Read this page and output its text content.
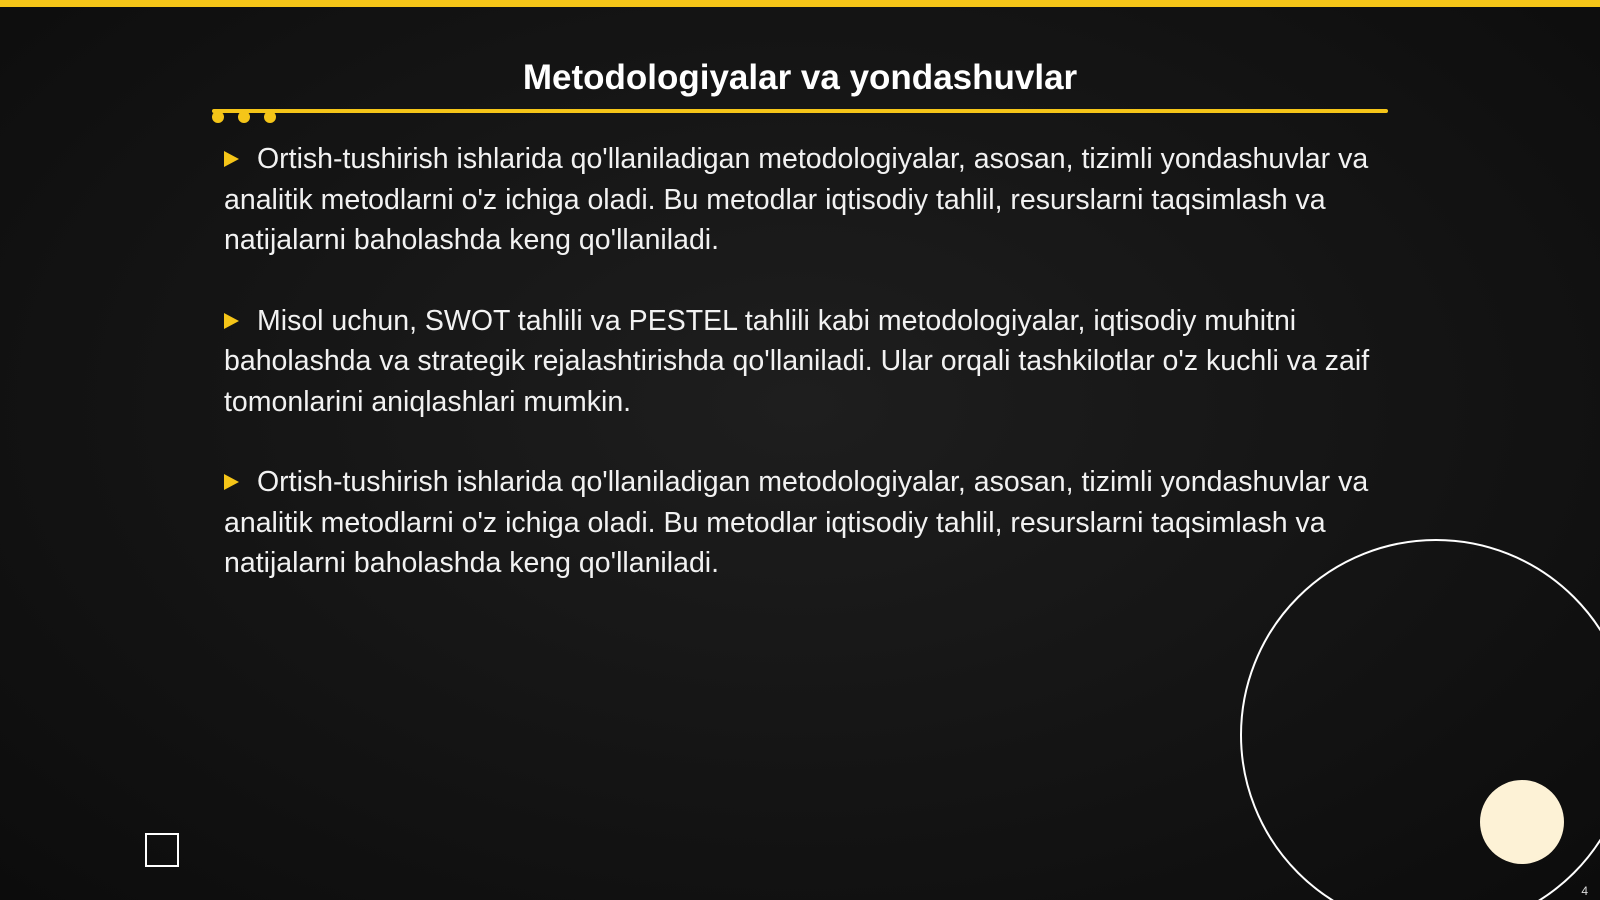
Metodologiyalar va yondashuvlar
Ortish-tushirish ishlarida qo'llaniladigan metodologiyalar, asosan, tizimli yondashuvlar va analitik metodlarni o'z ichiga oladi. Bu metodlar iqtisodiy tahlil, resurslarni taqsimlash va natijalarni baholashda keng qo'llaniladi.
Misol uchun, SWOT tahlili va PESTEL tahlili kabi metodologiyalar, iqtisodiy muhitni baholashda va strategik rejalashtirishda qo'llaniladi. Ular orqali tashkilotlar o'z kuchli va zaif tomonlarini aniqlashlari mumkin.
Ortish-tushirish ishlarida qo'llaniladigan metodologiyalar, asosan, tizimli yondashuvlar va analitik metodlarni o'z ichiga oladi. Bu metodlar iqtisodiy tahlil, resurslarni taqsimlash va natijalarni baholashda keng qo'llaniladi.
4
